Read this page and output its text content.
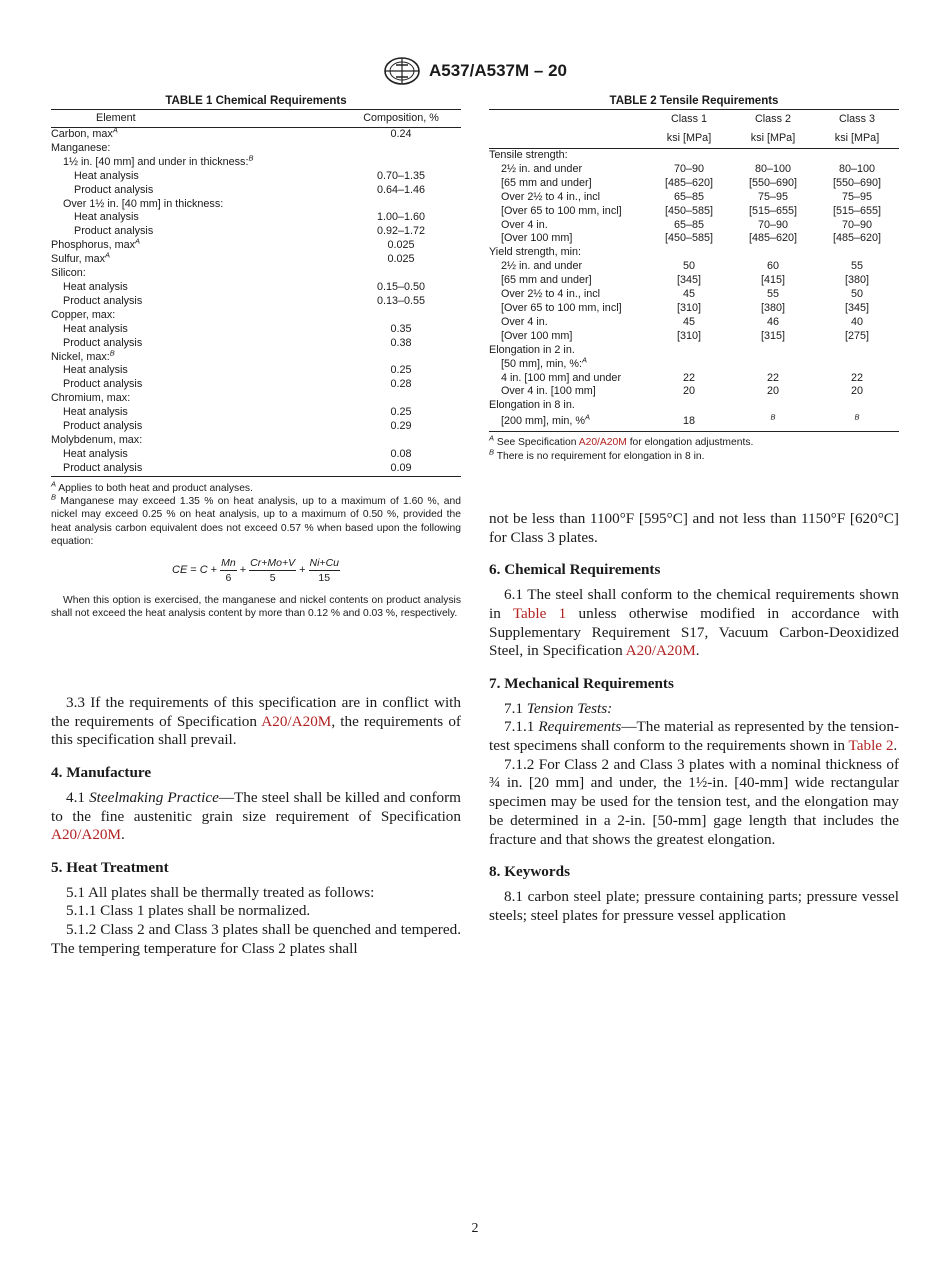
A537/A537M – 20
TABLE 1 Chemical Requirements
Element	Composition, %
Carbon, $\max^A$	0.24
Manganese:	
1½ in. [40 mm] and under in thickness:$^B$	
Heat analysis	0.70–1.35
Product analysis	0.64–1.46
Over 1½ in. [40 mm] in thickness:	
Heat analysis	1.00–1.60
Product analysis	0.92–1.72
Phosphorus, $\max^A$	0.025
Sulfur, $\max^A$	0.025
Silicon:	
Heat analysis	0.15–0.50
Product analysis	0.13–0.55
Copper, max:	
Heat analysis	0.35
Product analysis	0.38
Nickel, max:$^B$	
Heat analysis	0.25
Product analysis	0.28
Chromium, max:	
Heat analysis	0.25
Product analysis	0.29
Molybdenum, max:	
Heat analysis	0.08
Product analysis	0.09
$^A$ Applies to both heat and product analyses.
$^B$ Manganese may exceed 1.35 % on heat analysis, up to a maximum of 1.60 %, and nickel may exceed 0.25 % on heat analysis, up to a maximum of 0.50 %, provided the heat analysis carbon equivalent does not exceed 0.57 % when based upon the following equation:
CE = $C + \frac{Mn}{6} + \frac{Cr+Mo+V}{5} + \frac{Ni+Cu}{15}$
When this option is exercised, the manganese and nickel contents on product analysis shall not exceed the heat analysis content by more than 0.12 % and 0.03 %, respectively.

3.3 If the requirements of this specification are in conflict with the requirements of Specification A20/A20M, the requirements of this specification shall prevail.

4. Manufacture

4.1 Steelmaking Practice—The steel shall be killed and conform to the fine austenitic grain size requirement of Specification A20/A20M.

5. Heat Treatment

5.1 All plates shall be thermally treated as follows:

5.1.1 Class 1 plates shall be normalized.

5.1.2 Class 2 and Class 3 plates shall be quenched and tempered. The tempering temperature for Class 2 plates shall

TABLE 2 Tensile Requirements
	Class 1	Class 2	Class 3
	ksi [MPa]	ksi [MPa]	ksi [MPa]
Tensile strength:			
2½ in. and under	70–90	80–100	80–100
[65 mm and under]	[485–620]	[550–690]	[550–690]
Over 2½ to 4 in., incl	65–85	75–95	75–95
[Over 65 to 100 mm, incl]	[450–585]	[515–655]	[515–655]
Over 4 in.	65–85	70–90	70–90
[Over 100 mm]	[450–585]	[485–620]	[485–620]
Yield strength, min:			
2½ in. and under	50	60	55
[65 mm and under]	[345]	[415]	[380]
Over 2½ to 4 in., incl	45	55	50
[Over 65 to 100 mm, incl]	[310]	[380]	[345]
Over 4 in.	45	46	40
[Over 100 mm]	[310]	[315]	[275]
Elongation in 2 in.			
[50 mm], min, %:$^A$			
4 in. [100 mm] and under	22	22	22
Over 4 in. [100 mm]	20	20	20
Elongation in 8 in.			
[200 mm], min, %$^A$	18	$^B$	$^B$
$^A$ See Specification A20/A20M for elongation adjustments.
$^B$ There is no requirement for elongation in 8 in.

not be less than 1100°F [595°C] and not less than 1150°F [620°C] for Class 3 plates.

6. Chemical Requirements

6.1 The steel shall conform to the chemical requirements shown in Table 1 unless otherwise modified in accordance with Supplementary Requirement S17, Vacuum Carbon-Deoxidized Steel, in Specification A20/A20M.

7. Mechanical Requirements

7.1 Tension Tests:

7.1.1 Requirements—The material as represented by the tension-test specimens shall conform to the requirements shown in Table 2.

7.1.2 For Class 2 and Class 3 plates with a nominal thickness of ¾ in. [20 mm] and under, the 1½-in. [40-mm] wide rectangular specimen may be used for the tension test, and the elongation may be determined in a 2-in. [50-mm] gage length that includes the fracture and that shows the greatest elongation.

8. Keywords

8.1 carbon steel plate; pressure containing parts; pressure vessel steels; steel plates for pressure vessel application

2
